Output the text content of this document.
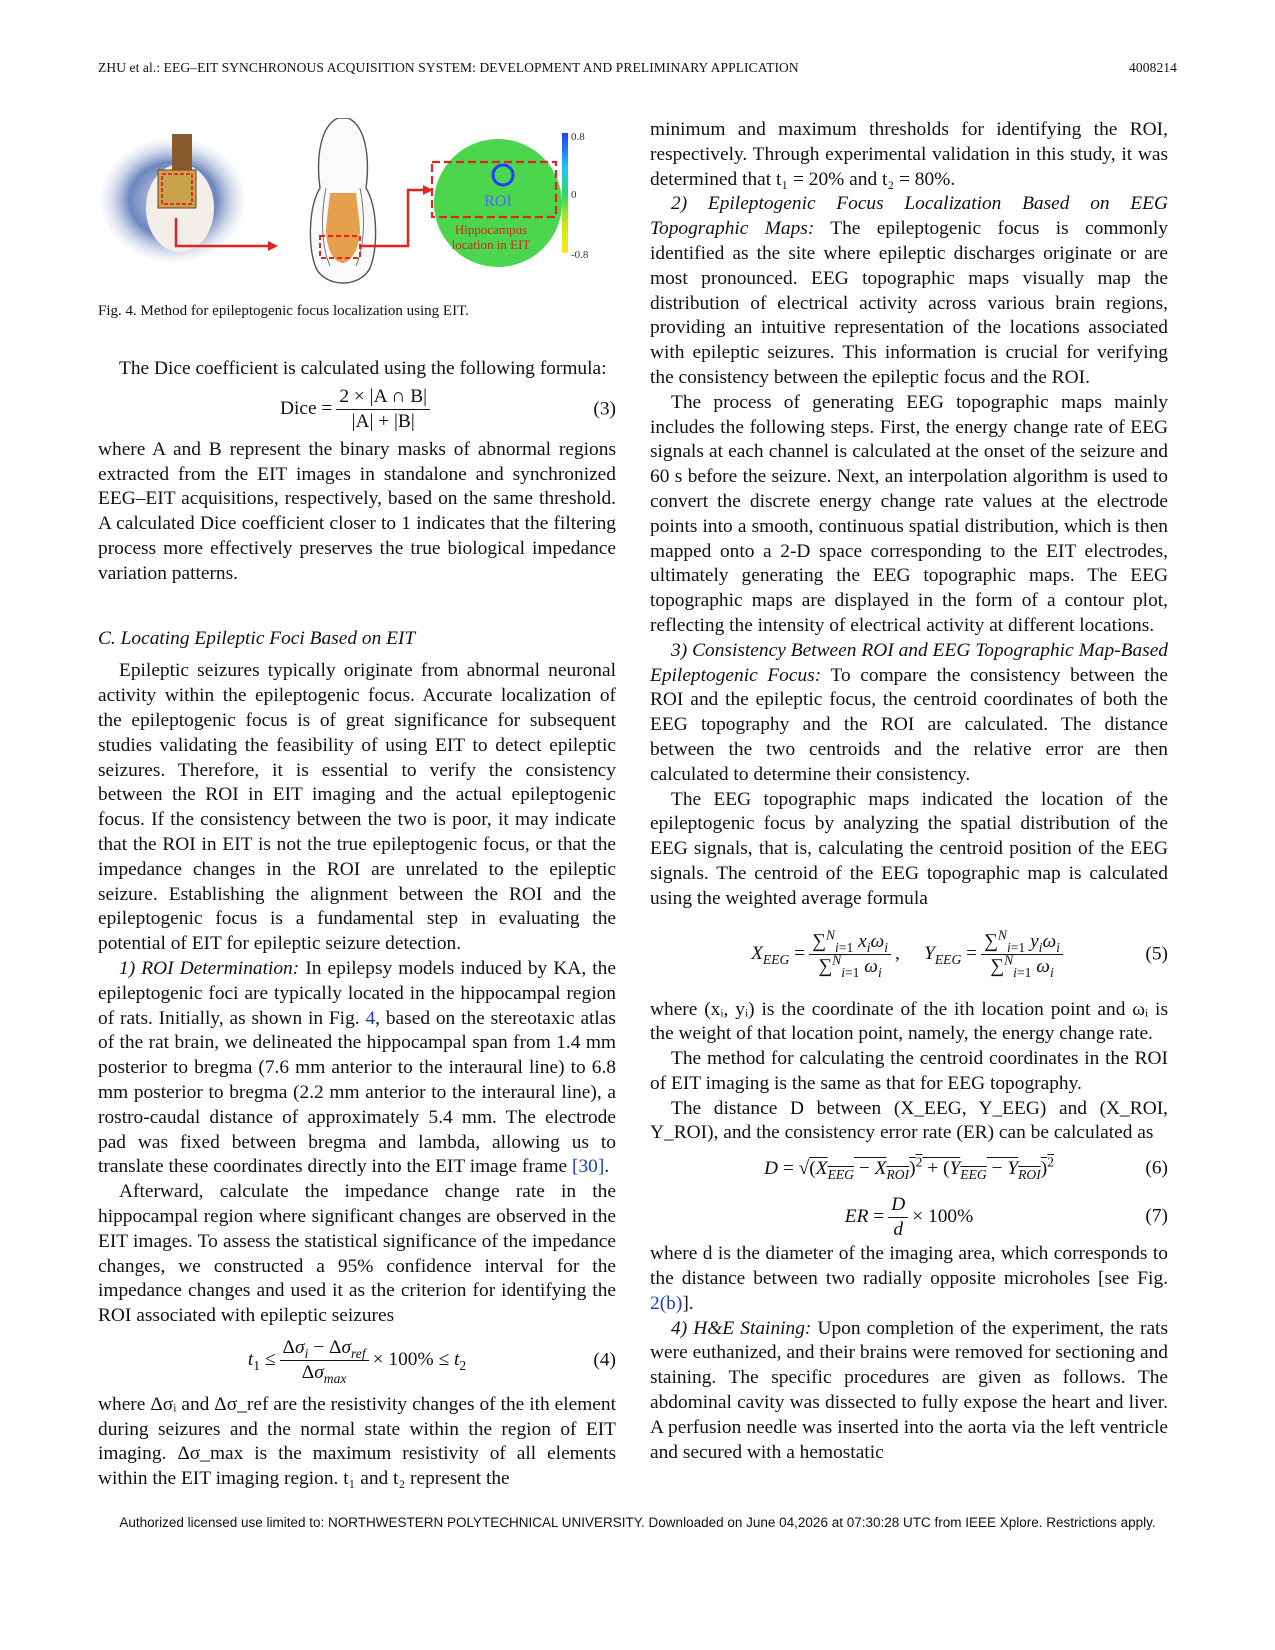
ZHU et al.: EEG–EIT SYNCHRONOUS ACQUISITION SYSTEM: DEVELOPMENT AND PRELIMINARY APPLICATION	4008214
ROI
Hippocampus
location in EIT
0.8
0
-0.8
Fig. 4. Method for epileptogenic focus localization using EIT.

The Dice coefficient is calculated using the following formula:

Dice = $\frac{2 \times |A \cap B|}{|A| + |B|}$	(3)

where A and B represent the binary masks of abnormal regions extracted from the EIT images in standalone and synchronized EEG–EIT acquisitions, respectively, based on the same threshold. A calculated Dice coefficient closer to 1 indicates that the filtering process more effectively preserves the true biological impedance variation patterns.

C. Locating Epileptic Foci Based on EIT

Epileptic seizures typically originate from abnormal neuronal activity within the epileptogenic focus. Accurate localization of the epileptogenic focus is of great significance for subsequent studies validating the feasibility of using EIT to detect epileptic seizures. Therefore, it is essential to verify the consistency between the ROI in EIT imaging and the actual epileptogenic focus. If the consistency between the two is poor, it may indicate that the ROI in EIT is not the true epileptogenic focus, or that the impedance changes in the ROI are unrelated to the epileptic seizure. Establishing the alignment between the ROI and the epileptogenic focus is a fundamental step in evaluating the potential of EIT for epileptic seizure detection.

1) ROI Determination: In epilepsy models induced by KA, the epileptogenic foci are typically located in the hippocampal region of rats. Initially, as shown in Fig. 4, based on the stereotaxic atlas of the rat brain, we delineated the hippocampal span from 1.4 mm posterior to bregma (7.6 mm anterior to the interaural line) to 6.8 mm posterior to bregma (2.2 mm anterior to the interaural line), a rostro-caudal distance of approximately 5.4 mm. The electrode pad was fixed between bregma and lambda, allowing us to translate these coordinates directly into the EIT image frame [30].

Afterward, calculate the impedance change rate in the hippocampal region where significant changes are observed in the EIT images. To assess the statistical significance of the impedance changes, we constructed a 95% confidence interval for the impedance changes and used it as the criterion for identifying the ROI associated with epileptic seizures

$t_1 \le \frac{\Delta\sigma_i - \Delta\sigma_{ref}}{\Delta\sigma_{max}} \times 100\% \le t_2$	(4)

where Δσᵢ and Δσ_ref are the resistivity changes of the ith element during seizures and the normal state within the region of EIT imaging. Δσ_max is the maximum resistivity of all elements within the EIT imaging region. t₁ and t₂ represent the

minimum and maximum thresholds for identifying the ROI, respectively. Through experimental validation in this study, it was determined that t₁ = 20% and t₂ = 80%.

2) Epileptogenic Focus Localization Based on EEG Topographic Maps: The epileptogenic focus is commonly identified as the site where epileptic discharges originate or are most pronounced. EEG topographic maps visually map the distribution of electrical activity across various brain regions, providing an intuitive representation of the locations associated with epileptic seizures. This information is crucial for verifying the consistency between the epileptic focus and the ROI.

The process of generating EEG topographic maps mainly includes the following steps. First, the energy change rate of EEG signals at each channel is calculated at the onset of the seizure and 60 s before the seizure. Next, an interpolation algorithm is used to convert the discrete energy change rate values at the electrode points into a smooth, continuous spatial distribution, which is then mapped onto a 2-D space corresponding to the EIT electrodes, ultimately generating the EEG topographic maps. The EEG topographic maps are displayed in the form of a contour plot, reflecting the intensity of electrical activity at different locations.

3) Consistency Between ROI and EEG Topographic Map-Based Epileptogenic Focus: To compare the consistency between the ROI and the epileptic focus, the centroid coordinates of both the EEG topography and the ROI are calculated. The distance between the two centroids and the relative error are then calculated to determine their consistency.

The EEG topographic maps indicated the location of the epileptogenic focus by analyzing the spatial distribution of the EEG signals, that is, calculating the centroid position of the EEG signals. The centroid of the EEG topographic map is calculated using the weighted average formula

$X_{EEG} = \frac{\sum^N_{i=1} x_i\omega_i}{\sum^N_{i=1} \omega_i}$ ,     $Y_{EEG} = \frac{\sum^N_{i=1} y_i\omega_i}{\sum^N_{i=1} \omega_i}$	(5)

where (xᵢ, yᵢ) is the coordinate of the ith location point and ωᵢ is the weight of that location point, namely, the energy change rate.

The method for calculating the centroid coordinates in the ROI of EIT imaging is the same as that for EEG topography.

The distance D between (X_EEG, Y_EEG) and (X_ROI, Y_ROI), and the consistency error rate (ER) can be calculated as

$D = √(X_{EEG} - X_{ROI})^2 + (Y_{EEG} - Y_{ROI})^2$	(6)
ER = $\frac{D}{d} \times 100\%$	(7)

where d is the diameter of the imaging area, which corresponds to the distance between two radially opposite microholes [see Fig. 2(b)].

4) H&E Staining: Upon completion of the experiment, the rats were euthanized, and their brains were removed for sectioning and staining. The specific procedures are given as follows. The abdominal cavity was dissected to fully expose the heart and liver. A perfusion needle was inserted into the aorta via the left ventricle and secured with a hemostatic

Authorized licensed use limited to: NORTHWESTERN POLYTECHNICAL UNIVERSITY. Downloaded on June 04,2026 at 07:30:28 UTC from IEEE Xplore. Restrictions apply.
